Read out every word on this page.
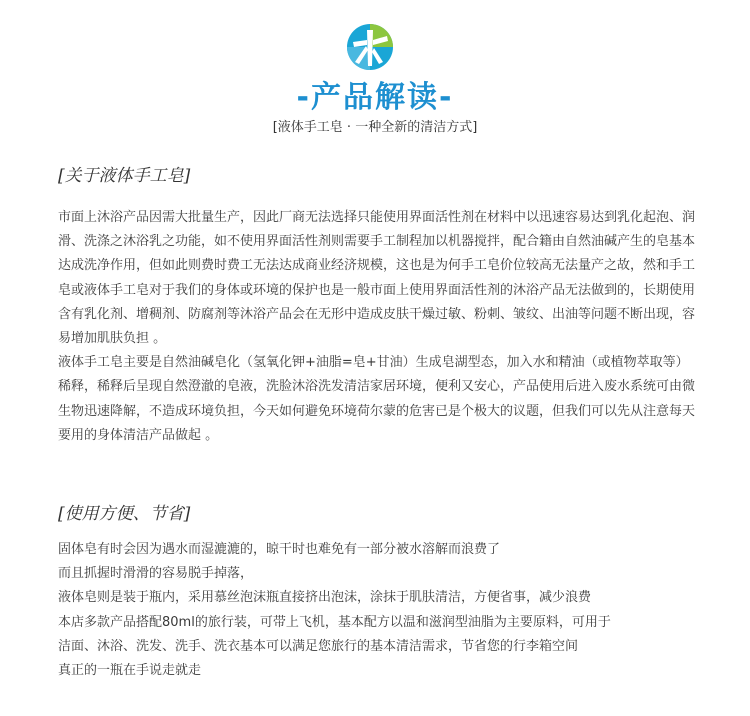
-产品解读-
[液体手工皂 · 一种全新的清洁方式]
[关于液体手工皂]

市面上沐浴产品因需大批量生产，因此厂商无法选择只能使用界面活性剂在材料中以迅速容易达到乳化起泡、润滑、洗涤之沐浴乳之功能，如不使用界面活性剂则需要手工制程加以机器搅拌，配合籍由自然油碱产生的皂基本达成洗净作用，但如此则费时费工无法达成商业经济规模，这也是为何手工皂价位较高无法量产之故，然和手工皂或液体手工皂对于我们的身体或环境的保护也是一般市面上使用界面活性剂的沐浴产品无法做到的，长期使用含有乳化剂、增稠剂、防腐剂等沐浴产品会在无形中造成皮肤干燥过敏、粉刺、皱纹、出油等问题不断出现，容易增加肌肤负担 。

液体手工皂主要是自然油碱皂化（氢氧化钾+油脂=皂+甘油）生成皂湖型态，加入水和精油（或植物萃取等）稀释，稀释后呈现自然澄澈的皂液，洗脸沐浴洗发清洁家居环境，便利又安心，产品使用后进入废水系统可由微生物迅速降解，不造成环境负担，今天如何避免环境荷尔蒙的危害已是个极大的议题，但我们可以先从注意每天要用的身体清洁产品做起 。

[使用方便、节省]
固体皂有时会因为遇水而湿漉漉的，晾干时也难免有一部分被水溶解而浪费了
而且抓握时滑滑的容易脱手掉落，
液体皂则是装于瓶内，采用慕丝泡沫瓶直接挤出泡沫，涂抹于肌肤清洁，方便省事，减少浪费
本店多款产品搭配80ml的旅行装，可带上飞机，基本配方以温和滋润型油脂为主要原料，可用于
洁面、沐浴、洗发、洗手、洗衣基本可以满足您旅行的基本清洁需求，节省您的行李箱空间
真正的一瓶在手说走就走
